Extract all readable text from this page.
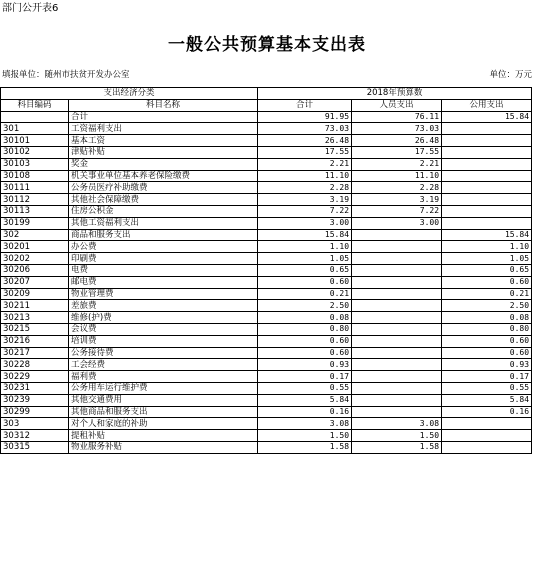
部门公开表6
一般公共预算基本支出表
填报单位：随州市扶贫开发办公室	单位：万元
支出经济分类		2018年预算数		
科目编码	科目名称	合计	人员支出	公用支出
	合计	91.95	76.11	15.84
301	工资福利支出	73.03	73.03	
30101	基本工资	26.48	26.48	
30102	津贴补贴	17.55	17.55	
30103	奖金	2.21	2.21	
30108	机关事业单位基本养老保险缴费	11.10	11.10	
30111	公务员医疗补助缴费	2.28	2.28	
30112	其他社会保障缴费	3.19	3.19	
30113	住房公积金	7.22	7.22	
30199	其他工资福利支出	3.00	3.00	
302	商品和服务支出	15.84		15.84
30201	办公费	1.10		1.10
30202	印刷费	1.05		1.05
30206	电费	0.65		0.65
30207	邮电费	0.60		0.60
30209	物业管理费	0.21		0.21
30211	差旅费	2.50		2.50
30213	维修(护)费	0.08		0.08
30215	会议费	0.80		0.80
30216	培训费	0.60		0.60
30217	公务接待费	0.60		0.60
30228	工会经费	0.93		0.93
30229	福利费	0.17		0.17
30231	公务用车运行维护费	0.55		0.55
30239	其他交通费用	5.84		5.84
30299	其他商品和服务支出	0.16		0.16
303	对个人和家庭的补助	3.08	3.08	
30312	提租补贴	1.50	1.50	
30315	物业服务补贴	1.58	1.58	
